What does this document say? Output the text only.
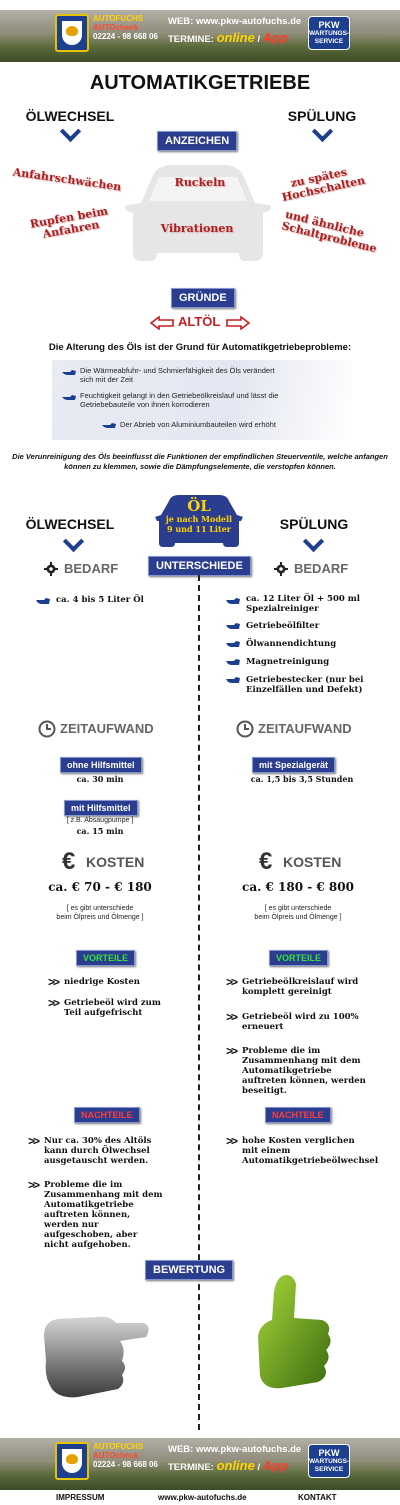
AUTOFUCHS
AUTOcheck
02224 - 98 668 06
WEB: www.pkw-autofuchs.de
TERMINE: online / App
PKW
WARTUNGS-
SERVICE
AUTOMATIKGETRIEBE
ÖLWECHSEL	SPÜLUNG
ANZEICHEN
Anfahrschwächen	Ruckeln	zu spätes Hochschalten
Rupfen beim Anfahren	Vibrationen	und ähnliche Schaltprobleme
GRÜNDE
ALTÖL
Die Alterung des Öls ist der Grund für Automatikgetriebeprobleme:
Die Wärmeabfuhr- und Schmierfähigkeit des Öls verändert sich mit der Zeit
Feuchtigkeit gelangt in den Getriebeölkreislauf und lässt die Getriebebauteile von ihnen korrodieren
Der Abrieb von Aluminiumbauteilen wird erhöht
Die Verunreinigung des Öls beeinflusst die Funktionen der empfindlichen Steuerventile, welche anfangen können zu klemmen, sowie die Dämpfungselemente, die verstopfen können.
ÖL
je nach Modell
9 und 11 Liter
ÖLWECHSEL	SPÜLUNG
UNTERSCHIEDE
BEDARF	BEDARF
ca. 4 bis 5 Liter Öl	ca. 12 Liter Öl + 500 ml Spezialreiniger
Getriebeölfilter
Ölwannendichtung
Magnetreinigung
Getriebestecker (nur bei Einzelfällen und Defekt)
ZEITAUFWAND	ZEITAUFWAND
ohne Hilfsmittel
ca. 30 min
mit Hilfsmittel
[ z.B. Absaugpumpe ]
ca. 15 min
mit Spezialgerät
ca. 1,5 bis 3,5 Stunden
€ KOSTEN	€ KOSTEN
ca. € 70 - € 180	ca. € 180 - € 800
[ es gibt unterschiede
beim Ölpreis und Ölmenge ]
[ es gibt unterschiede
beim Ölpreis und Ölmenge ]
VORTEILE	VORTEILE
>> niedrige Kosten
>> Getriebeöl wird zum Teil aufgefrischt
>> Getriebeölkreislauf wird komplett gereinigt
>> Getriebeöl wird zu 100% erneuert
>> Probleme die im Zusammenhang mit dem Automatikgetriebe auftreten können, werden beseitigt.
NACHTEILE	NACHTEILE
>> Nur ca. 30% des Altöls kann durch Ölwechsel ausgetauscht werden.
>> Probleme die im Zusammenhang mit dem Automatikgetriebe auftreten können, werden nur aufgeschoben, aber nicht aufgehoben.
>> hohe Kosten verglichen mit einem Automatikgetriebeölwechsel
BEWERTUNG
AUTOFUCHS
AUTOcheck
02224 - 98 668 06
WEB: www.pkw-autofuchs.de
TERMINE: online / App
PKW
WARTUNGS-
SERVICE
IMPRESSUM	www.pkw-autofuchs.de	KONTAKT
